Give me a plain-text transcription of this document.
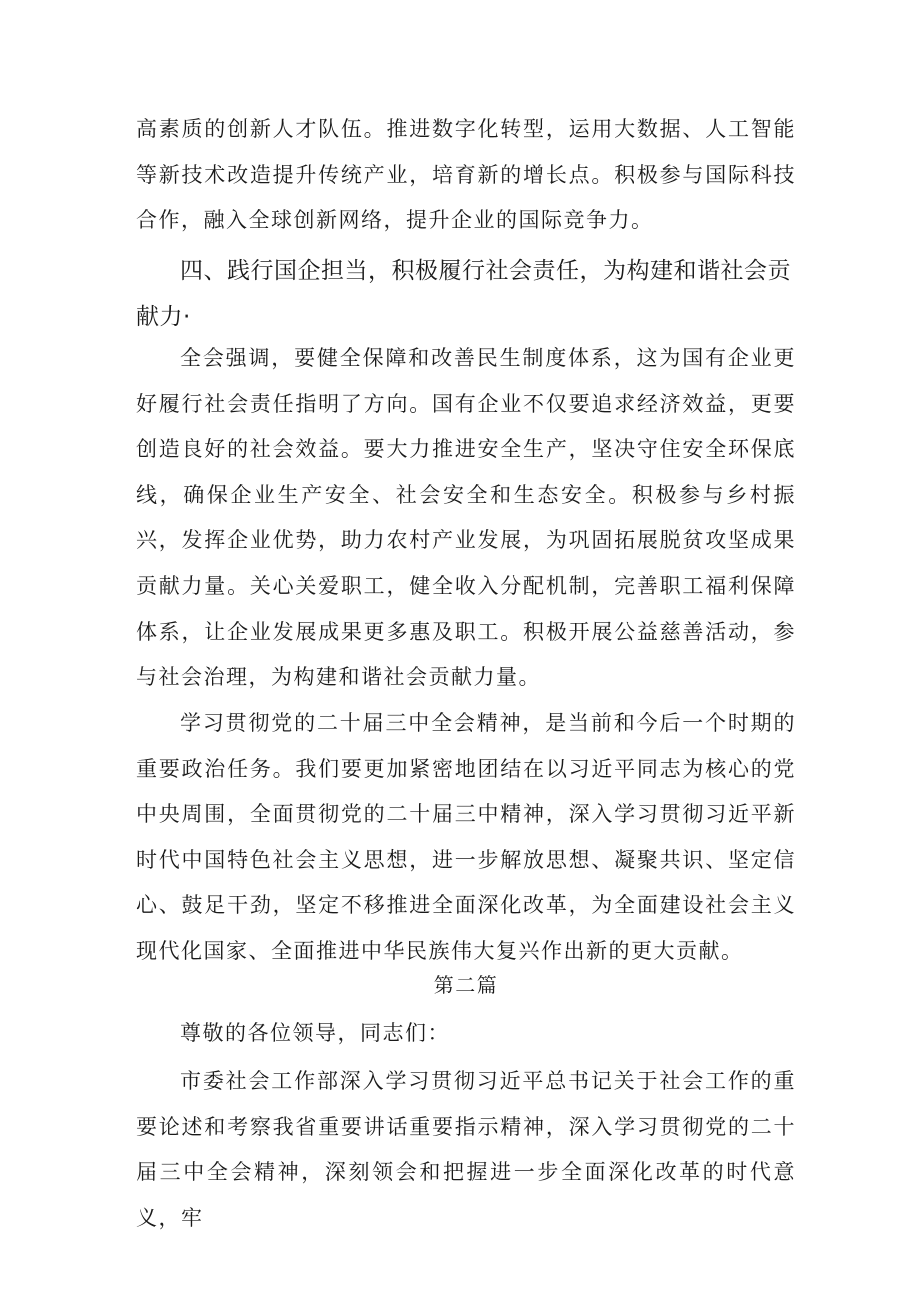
高素质的创新人才队伍。推进数字化转型，运用大数据、人工智能等新技术改造提升传统产业，培育新的增长点。积极参与国际科技合作，融入全球创新网络，提升企业的国际竞争力。

四、践行国企担当，积极履行社会责任，为构建和谐社会贡献力·

全会强调，要健全保障和改善民生制度体系，这为国有企业更好履行社会责任指明了方向。国有企业不仅要追求经济效益，更要创造良好的社会效益。要大力推进安全生产，坚决守住安全环保底线，确保企业生产安全、社会安全和生态安全。积极参与乡村振兴，发挥企业优势，助力农村产业发展，为巩固拓展脱贫攻坚成果贡献力量。关心关爱职工，健全收入分配机制，完善职工福利保障体系，让企业发展成果更多惠及职工。积极开展公益慈善活动，参与社会治理，为构建和谐社会贡献力量。

学习贯彻党的二十届三中全会精神，是当前和今后一个时期的重要政治任务。我们要更加紧密地团结在以习近平同志为核心的党中央周围，全面贯彻党的二十届三中精神，深入学习贯彻习近平新时代中国特色社会主义思想，进一步解放思想、凝聚共识、坚定信心、鼓足干劲，坚定不移推进全面深化改革，为全面建设社会主义现代化国家、全面推进中华民族伟大复兴作出新的更大贡献。

第二篇

尊敬的各位领导，同志们：

市委社会工作部深入学习贯彻习近平总书记关于社会工作的重要论述和考察我省重要讲话重要指示精神，深入学习贯彻党的二十届三中全会精神，深刻领会和把握进一步全面深化改革的时代意义，牢
